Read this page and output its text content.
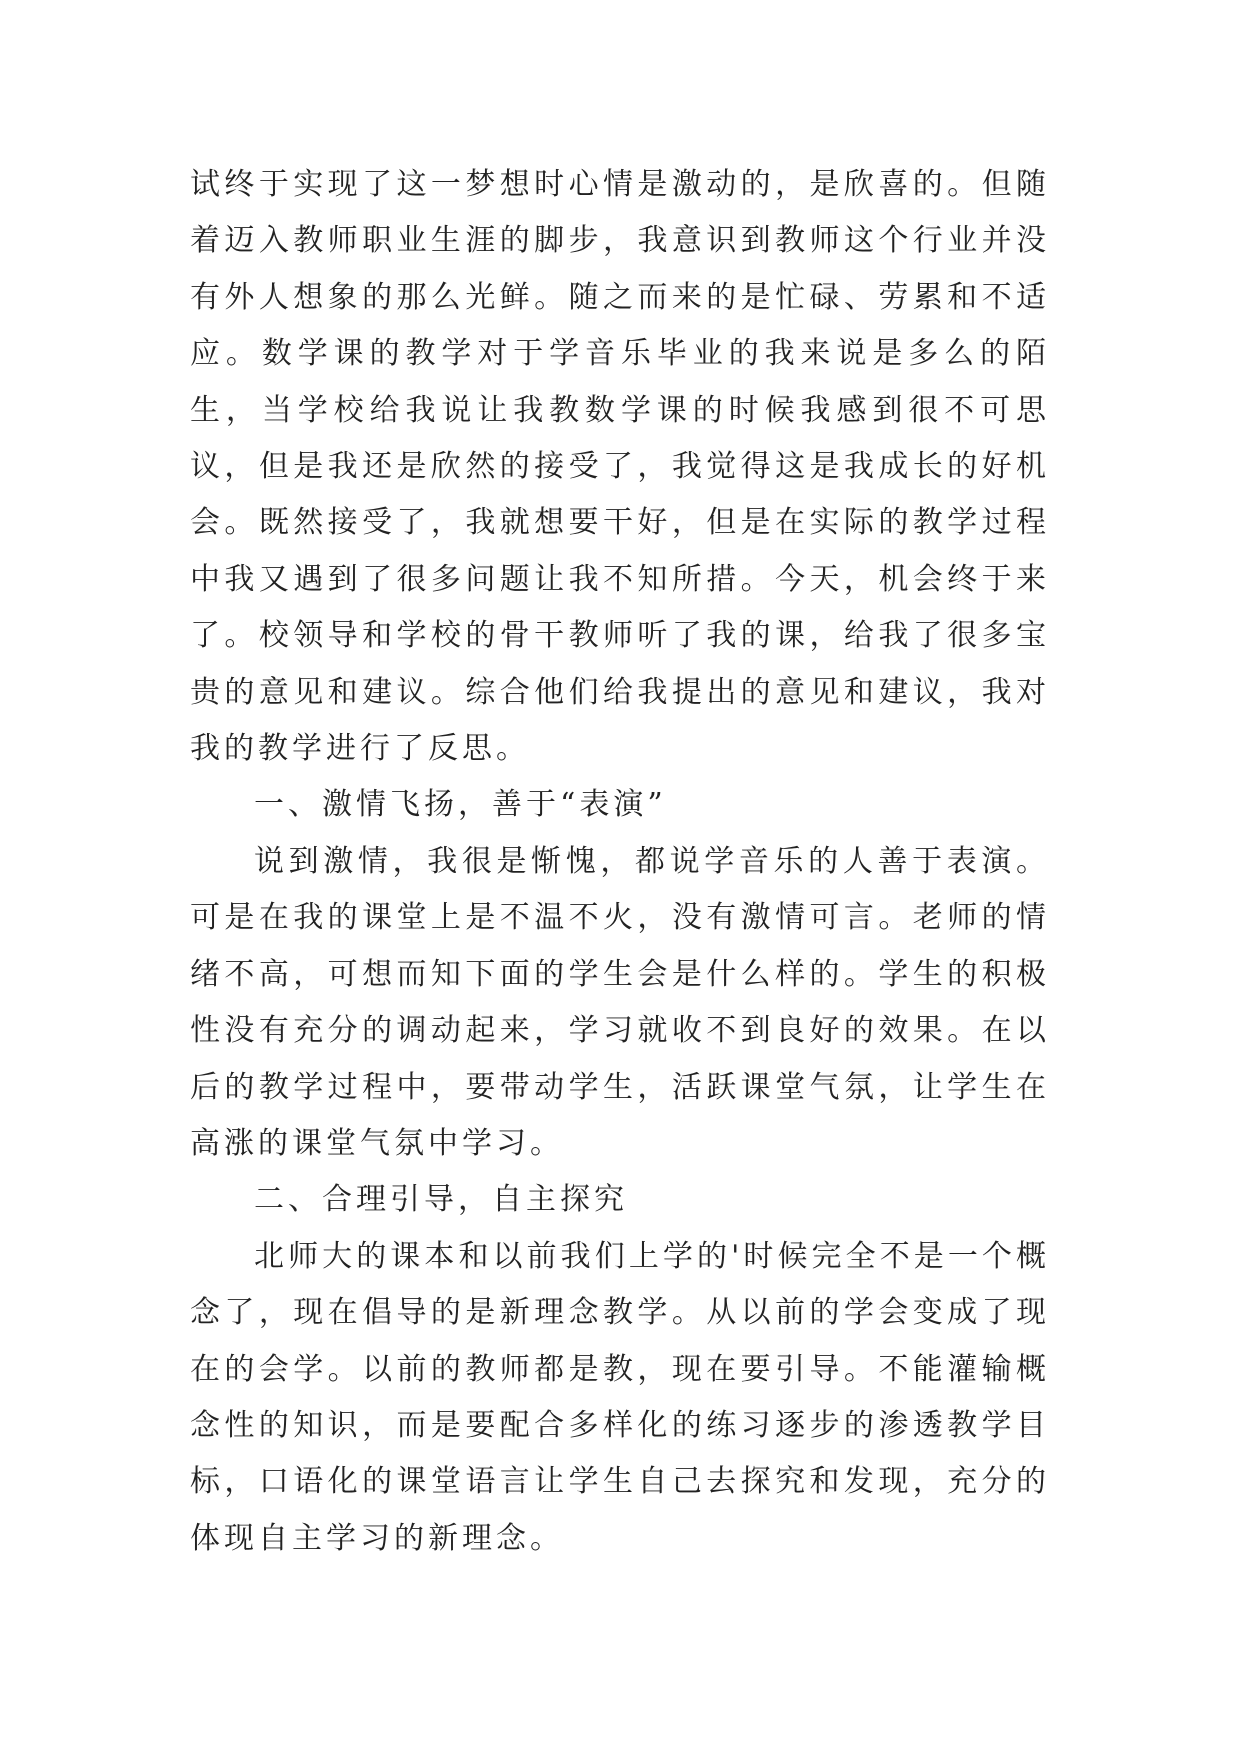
试终于实现了这一梦想时心情是激动的，是欣喜的。但随着迈入教师职业生涯的脚步，我意识到教师这个行业并没有外人想象的那么光鲜。随之而来的是忙碌、劳累和不适应。数学课的教学对于学音乐毕业的我来说是多么的陌生，当学校给我说让我教数学课的时候我感到很不可思议，但是我还是欣然的接受了，我觉得这是我成长的好机会。既然接受了，我就想要干好，但是在实际的教学过程中我又遇到了很多问题让我不知所措。今天，机会终于来了。校领导和学校的骨干教师听了我的课，给我了很多宝贵的意见和建议。综合他们给我提出的意见和建议，我对我的教学进行了反思。

一、激情飞扬，善于“表演”

说到激情，我很是惭愧，都说学音乐的人善于表演。可是在我的课堂上是不温不火，没有激情可言。老师的情绪不高，可想而知下面的学生会是什么样的。学生的积极性没有充分的调动起来，学习就收不到良好的效果。在以后的教学过程中，要带动学生，活跃课堂气氛，让学生在高涨的课堂气氛中学习。

二、合理引导，自主探究

北师大的课本和以前我们上学的'时候完全不是一个概念了，现在倡导的是新理念教学。从以前的学会变成了现在的会学。以前的教师都是教，现在要引导。不能灌输概念性的知识，而是要配合多样化的练习逐步的渗透教学目标，口语化的课堂语言让学生自己去探究和发现，充分的体现自主学习的新理念。
